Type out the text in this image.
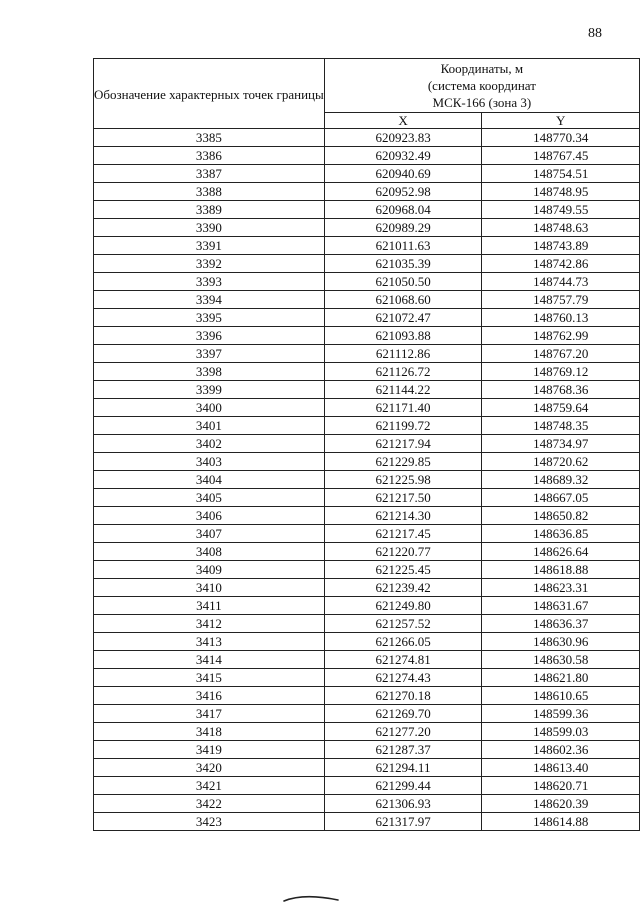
88
Обозначение характерных точек границы	Координаты, м
(система координат
МСК-166 (зона 3)	

	X	Y
3385	620923.83	148770.34
3386	620932.49	148767.45
3387	620940.69	148754.51
3388	620952.98	148748.95
3389	620968.04	148749.55
3390	620989.29	148748.63
3391	621011.63	148743.89
3392	621035.39	148742.86
3393	621050.50	148744.73
3394	621068.60	148757.79
3395	621072.47	148760.13
3396	621093.88	148762.99
3397	621112.86	148767.20
3398	621126.72	148769.12
3399	621144.22	148768.36
3400	621171.40	148759.64
3401	621199.72	148748.35
3402	621217.94	148734.97
3403	621229.85	148720.62
3404	621225.98	148689.32
3405	621217.50	148667.05
3406	621214.30	148650.82
3407	621217.45	148636.85
3408	621220.77	148626.64
3409	621225.45	148618.88
3410	621239.42	148623.31
3411	621249.80	148631.67
3412	621257.52	148636.37
3413	621266.05	148630.96
3414	621274.81	148630.58
3415	621274.43	148621.80
3416	621270.18	148610.65
3417	621269.70	148599.36
3418	621277.20	148599.03
3419	621287.37	148602.36
3420	621294.11	148613.40
3421	621299.44	148620.71
3422	621306.93	148620.39
3423	621317.97	148614.88
